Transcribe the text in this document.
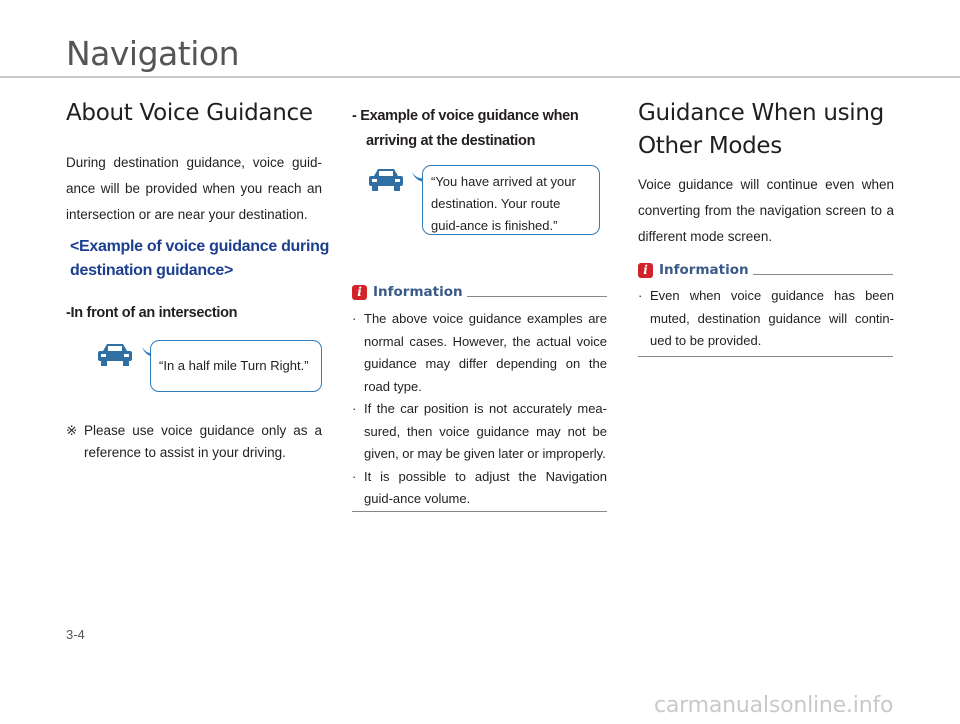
Navigation
About Voice Guidance
During destination guidance, voice guid-ance will be provided when you reach an intersection or are near your destination.
<Example of voice guidance during
destination guidance>
-In front of an intersection
“In a half mile Turn Right.”
※ Please use voice guidance only as a reference to assist in your driving.
- Example of voice guidance when
arriving at the destination
“You have arrived at your destination. Your route guid-ance is finished.”
i Information
· The above voice guidance examples are normal cases. However, the actual voice guidance may differ depending on the road type.
· If the car position is not accurately mea-sured, then voice guidance may not be given, or may be given later or improperly.
· It is possible to adjust the Navigation guid-ance volume.
Guidance When using
Other Modes
Voice guidance will continue even when converting from the navigation screen to a different mode screen.
i Information
· Even when voice guidance has been muted, destination guidance will contin-ued to be provided.
3-4
carmanualsonline.info
